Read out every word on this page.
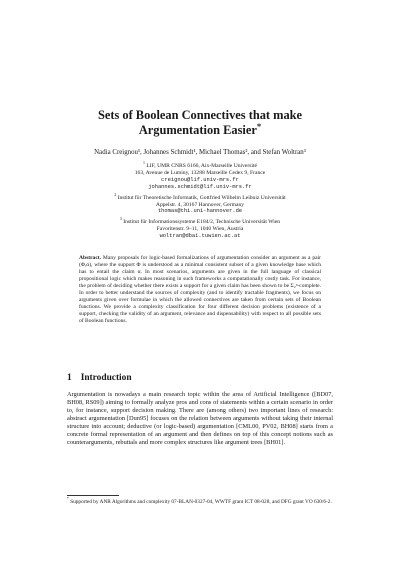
Sets of Boolean Connectives that make
Argumentation Easier*
Nadia Creignou¹, Johannes Schmidt¹, Michael Thomas², and Stefan Woltran³
$^1$ LIF, UMR CNRS 6166, Aix-Marseille Université
163, Avenue de Luminy, 13288 Marseille Cedex 9, France
creignou@lif.univ-mrs.fr
johannes.schmidt@lif.univ-mrs.fr
$^2$ Institut für Theoretische Informatik, Gottfried Wilhelm Leibniz Universität
Appelstr. 4, 30167 Hannover, Germany
thomas@thi.uni-hannover.de
$^3$ Institut für Informationssysteme E184/2, Technische Universität Wien
Favoritenstr. 9–11, 1040 Wien, Austria
woltran@dbai.tuwien.ac.at
Abstract. Many proposals for logic-based formalizations of argumentation consider an argument as a pair (Φ,α), where the support Φ is understood as a minimal consistent subset of a given knowledge base which has to entail the claim α. In most scenarios, arguments are given in the full language of classical propositional logic which makes reasoning in such frameworks a computationally costly task. For instance, the problem of deciding whether there exists a support for a given claim has been shown to be Σ₂ᵖ-complete. In order to better understand the sources of complexity (and to identify tractable fragments), we focus on arguments given over formulae in which the allowed connectives are taken from certain sets of Boolean functions. We provide a complexity classification for four different decision problems (existence of a support, checking the validity of an argument, relevance and dispensability) with respect to all possible sets of Boolean functions.
1 Introduction
Argumentation is nowadays a main research topic within the area of Artificial Intelligence ([BD07, BH08, RS09]) aiming to formally analyze pros and cons of statements within a certain scenario in order to, for instance, support decision making. There are (among others) two important lines of research: abstract argumentation [Dun95] focuses on the relation between arguments without taking their internal structure into account; deductive (or logic-based) argumentation [CML00, PV02, BH08] starts from a concrete formal representation of an argument and then defines on top of this concept notions such as counterarguments, rebuttals and more complex structures like argument trees [BH01].
* Supported by ANR Algorithms and complexity 07-BLAN-0327-04, WWTF grant ICT 08-028, and DFG grant VO 630/6-2.
